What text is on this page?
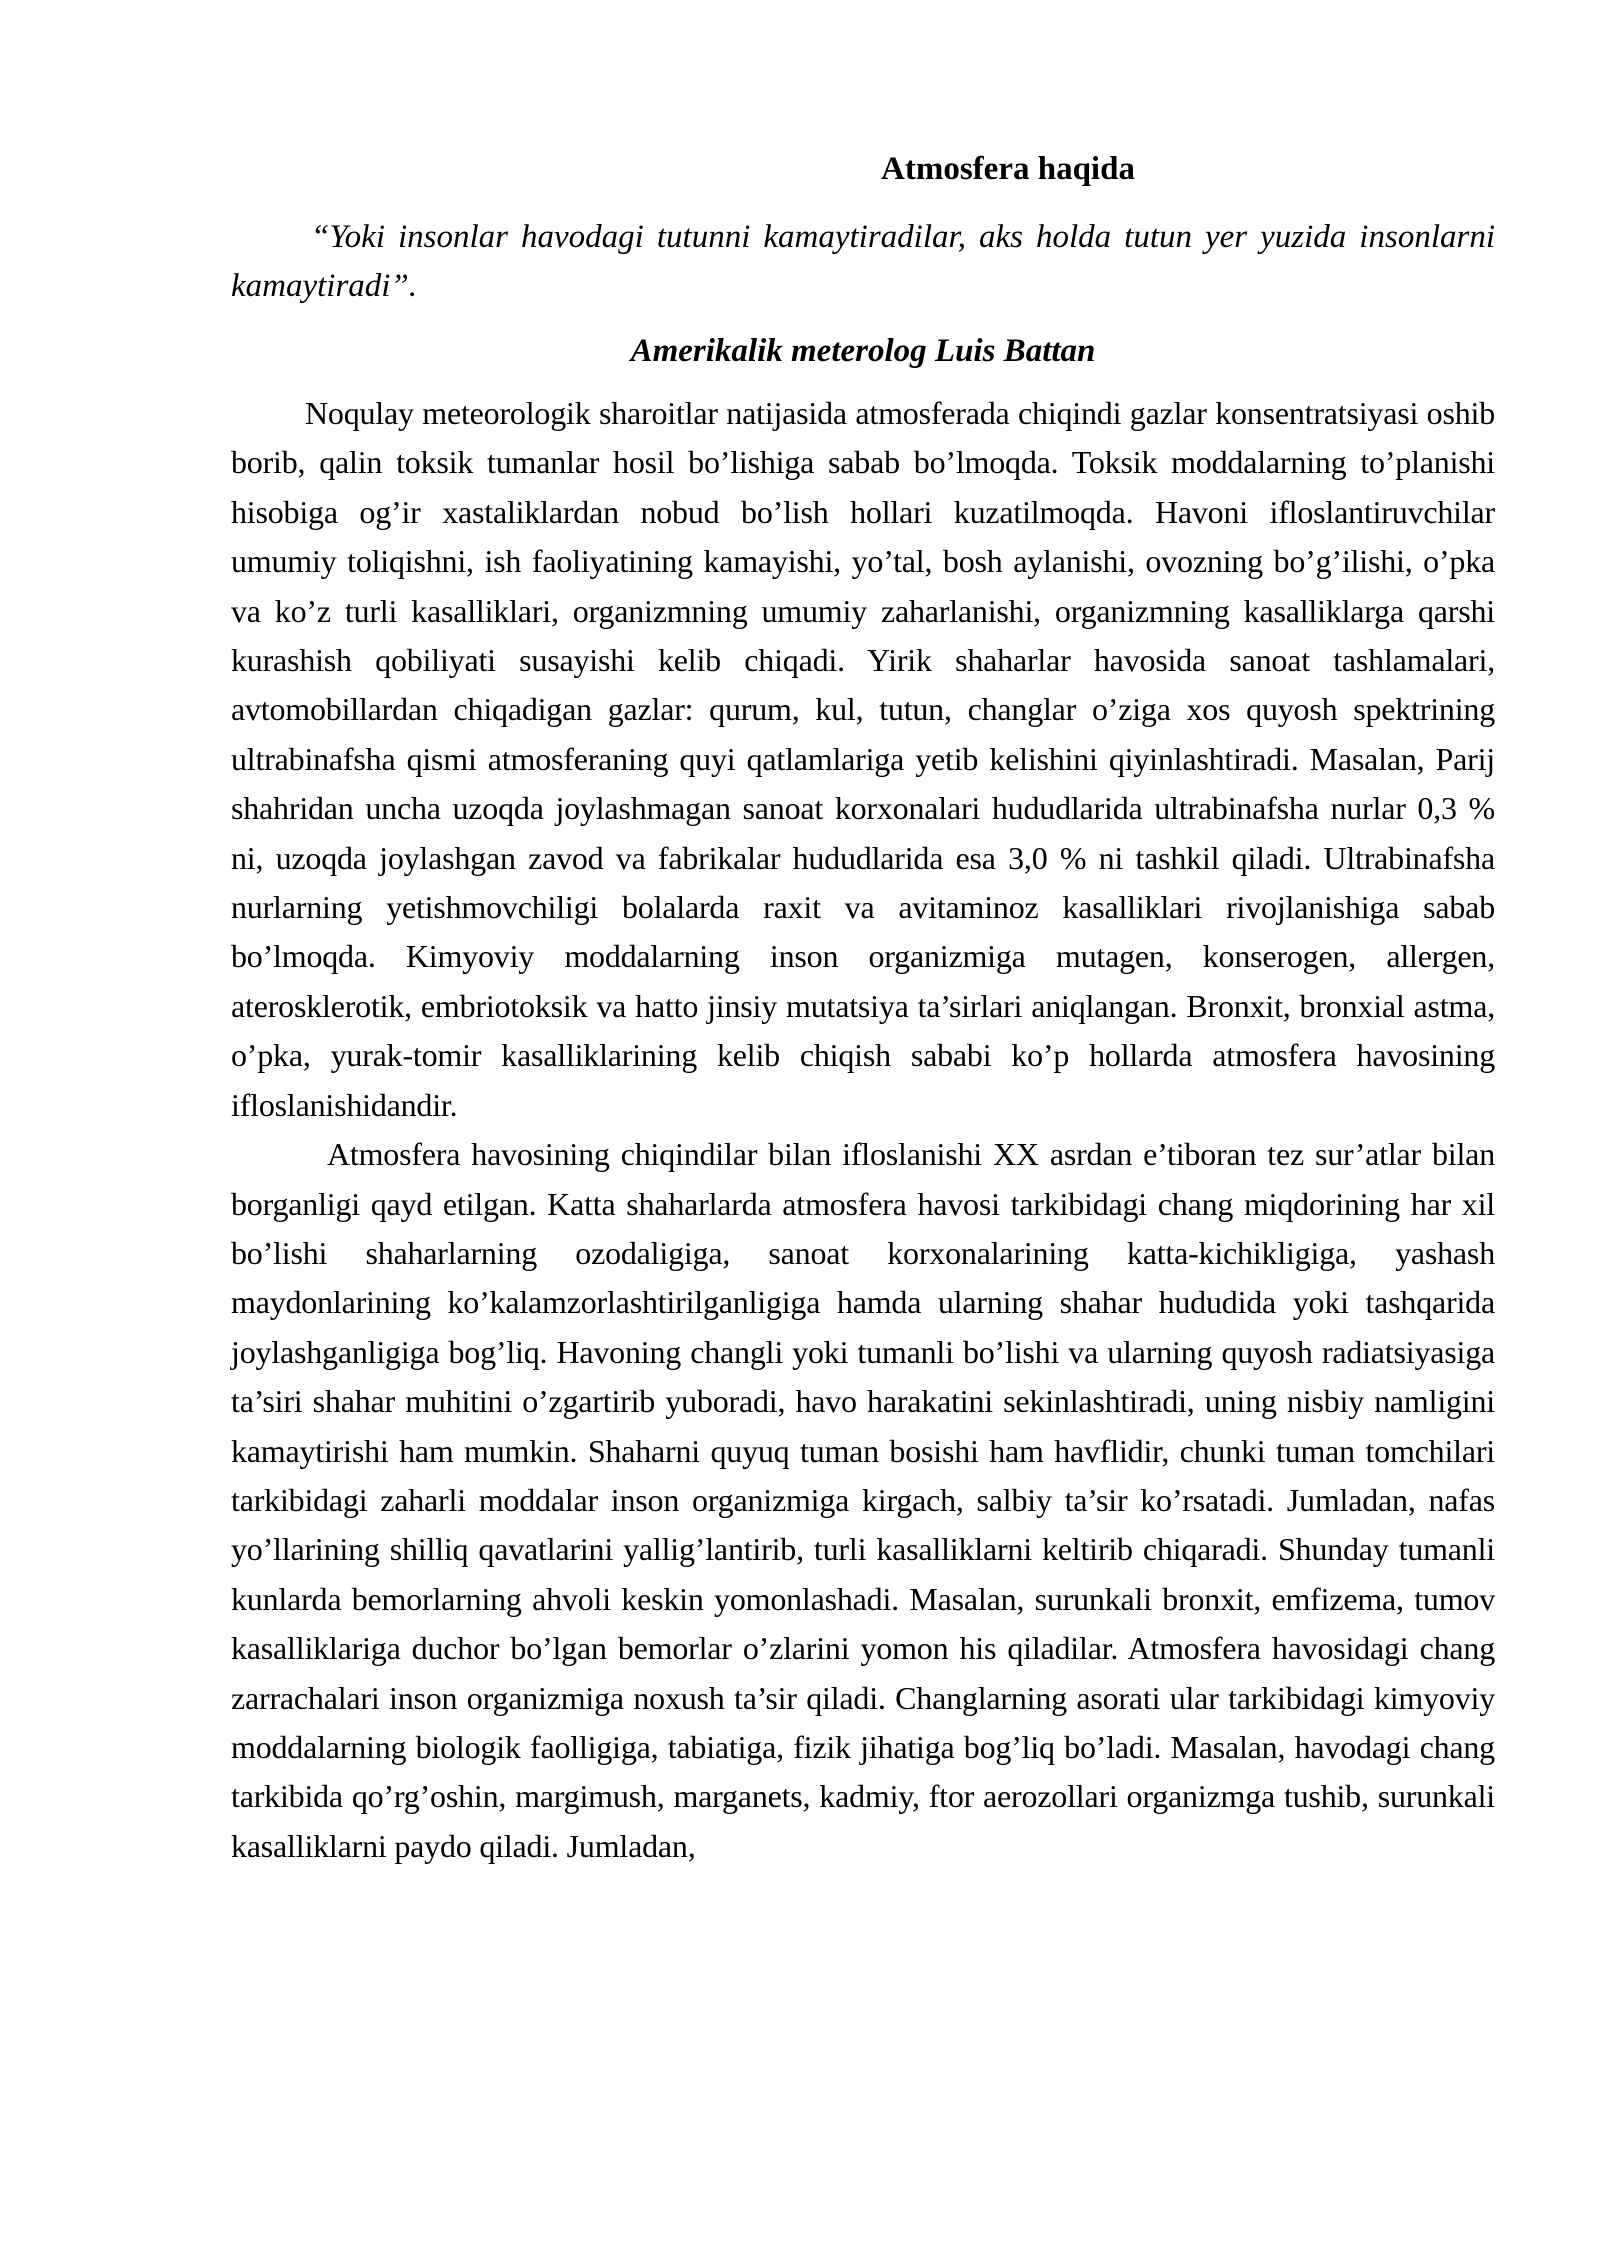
Atmosfera haqida

“Yoki insonlar havodagi tutunni kamaytiradilar, aks holda tutun yer yuzida insonlarni kamaytiradi”.

Amerikalik meterolog Luis Battan

Noqulay meteorologik sharoitlar natijasida atmosferada chiqindi gazlar konsentratsiyasi oshib borib, qalin toksik tumanlar hosil bo’lishiga sabab bo’lmoqda. Toksik moddalarning to’planishi hisobiga og’ir xastaliklardan nobud bo’lish hollari kuzatilmoqda. Havoni ifloslantiruvchilar umumiy toliqishni, ish faoliyatining kamayishi, yo’tal, bosh aylanishi, ovozning bo’g’ilishi, o’pka va ko’z turli kasalliklari, organizmning umumiy zaharlanishi, organizmning kasalliklarga qarshi kurashish qobiliyati susayishi kelib chiqadi. Yirik shaharlar havosida sanoat tashlamalari, avtomobillardan chiqadigan gazlar: qurum, kul, tutun, changlar o’ziga xos quyosh spektrining ultrabinafsha qismi atmosferaning quyi qatlamlariga yetib kelishini qiyinlashtiradi. Masalan, Parij shahridan uncha uzoqda joylashmagan sanoat korxonalari hududlarida ultrabinafsha nurlar 0,3 % ni, uzoqda joylashgan zavod va fabrikalar hududlarida esa 3,0 % ni tashkil qiladi. Ultrabinafsha nurlarning yetishmovchiligi bolalarda raxit va avitaminoz kasalliklari rivojlanishiga sabab bo’lmoqda. Kimyoviy moddalarning inson organizmiga mutagen, konserogen, allergen, aterosklerotik, embriotoksik va hatto jinsiy mutatsiya ta’sirlari aniqlangan. Bronxit, bronxial astma, o’pka, yurak-tomir kasalliklarining kelib chiqish sababi ko’p hollarda atmosfera havosining ifloslanishidandir.

Atmosfera havosining chiqindilar bilan ifloslanishi XX asrdan e’tiboran tez sur’atlar bilan borganligi qayd etilgan. Katta shaharlarda atmosfera havosi tarkibidagi chang miqdorining har xil bo’lishi shaharlarning ozodaligiga, sanoat korxonalarining katta-kichikligiga, yashash maydonlarining ko’kalamzorlashtirilganligiga hamda ularning shahar hududida yoki tashqarida joylashganligiga bog’liq. Havoning changli yoki tumanli bo’lishi va ularning quyosh radiatsiyasiga ta’siri shahar muhitini o’zgartirib yuboradi, havo harakatini sekinlashtiradi, uning nisbiy namligini kamaytirishi ham mumkin. Shaharni quyuq tuman bosishi ham havflidir, chunki tuman tomchilari tarkibidagi zaharli moddalar inson organizmiga kirgach, salbiy ta’sir ko’rsatadi. Jumladan, nafas yo’llarining shilliq qavatlarini yallig’lantirib, turli kasalliklarni keltirib chiqaradi. Shunday tumanli kunlarda bemorlarning ahvoli keskin yomonlashadi. Masalan, surunkali bronxit, emfizema, tumov kasalliklariga duchor bo’lgan bemorlar o’zlarini yomon his qiladilar. Atmosfera havosidagi chang zarrachalari inson organizmiga noxush ta’sir qiladi. Changlarning asorati ular tarkibidagi kimyoviy moddalarning biologik faolligiga, tabiatiga, fizik jihatiga bog’liq bo’ladi. Masalan, havodagi chang tarkibida qo’rg’oshin, margimush, marganets, kadmiy, ftor aerozollari organizmga tushib, surunkali kasalliklarni paydo qiladi. Jumladan,
